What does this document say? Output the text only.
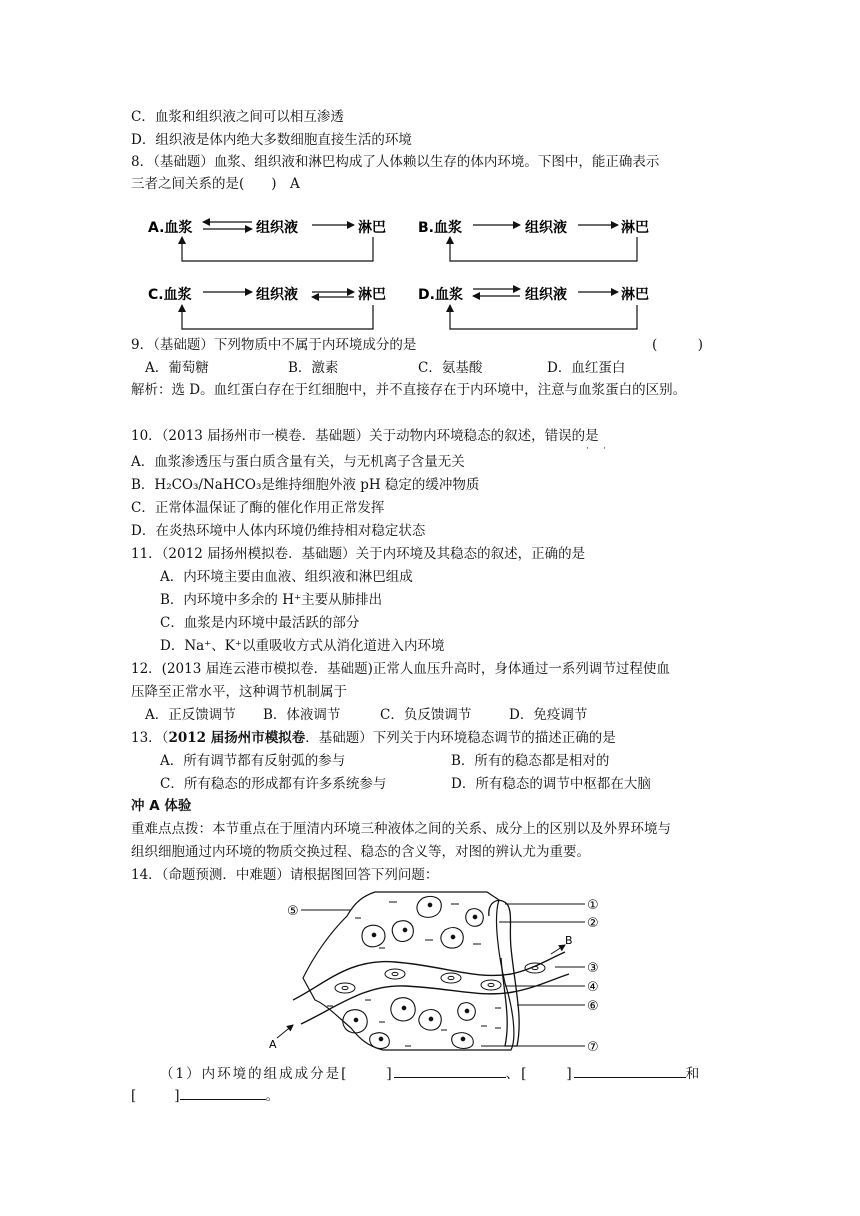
C．血浆和组织液之间可以相互渗透
D．组织液是体内绝大多数细胞直接生活的环境
8．（基础题）血浆、组织液和淋巴构成了人体赖以生存的体内环境。下图中，能正确表示
三者之间关系的是(　　)　A
A.血浆	组织液	淋巴 B.血浆	组织液	淋巴
C.血浆	组织液	淋巴 D.血浆	组织液	淋巴
9．（基础题）下列物质中不属于内环境成分的是	(　　　)
A．葡萄糖	B．激素	C．氨基酸	D．血红蛋白
解析：选 D。血红蛋白存在于红细胞中，并不直接存在于内环境中，注意与血浆蛋白的区别。
10．（2013 届扬州市一模卷．基础题）关于动物内环境稳态的叙述，错误的是
· ·
A．血浆渗透压与蛋白质含量有关，与无机离子含量无关
B．H₂CO₃/NaHCO₃是维持细胞外液 pH 稳定的缓冲物质
C．正常体温保证了酶的催化作用正常发挥
D．在炎热环境中人体内环境仍维持相对稳定状态
11．（2012 届扬州模拟卷．基础题）关于内环境及其稳态的叙述，正确的是
A．内环境主要由血液、组织液和淋巴组成
B．内环境中多余的 H⁺主要从肺排出
C．血浆是内环境中最活跃的部分
D．Na⁺、K⁺以重吸收方式从消化道进入内环境
12．(2013 届连云港市模拟卷．基础题)正常人血压升高时，身体通过一系列调节过程使血
压降至正常水平，这种调节机制属于
A．正反馈调节 B．体液调节	C．负反馈调节	D．免疫调节
13．（2012 届扬州市模拟卷．基础题）下列关于内环境稳态调节的描述正确的是
A．所有调节都有反射弧的参与	B．所有的稳态都是相对的
C．所有稳态的形成都有许多系统参与	D．所有稳态的调节中枢都在大脑
冲 A 体验
重难点点拨：本节重点在于厘清内环境三种液体之间的关系、成分上的区别以及外界环境与
组织细胞通过内环境的物质交换过程、稳态的含义等，对图的辨认尤为重要。
14．（命题预测．中难题）请根据图回答下列问题：
A
B
①
②
③
④
⑤
⑥
⑦
（1）内环境的组成成分是[	]	、[	]	和
[	]	。
